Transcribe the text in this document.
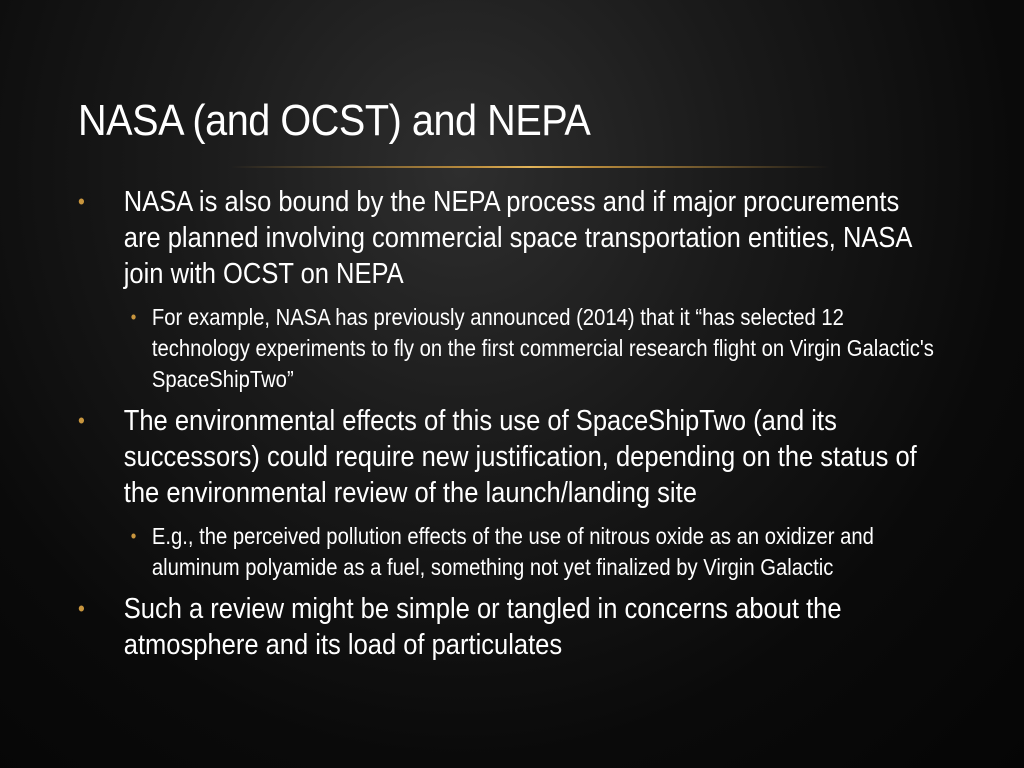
NASA (and OCST) and NEPA
• NASA is also bound by the NEPA process and if major procurements are planned involving commercial space transportation entities, NASA join with OCST on NEPA
• For example, NASA has previously announced (2014) that it “has selected 12 technology experiments to fly on the first commercial research flight on Virgin Galactic's SpaceShipTwo”
• The environmental effects of this use of SpaceShipTwo (and its successors) could require new justification, depending on the status of the environmental review of the launch/landing site
• E.g., the perceived pollution effects of the use of nitrous oxide as an oxidizer and aluminum polyamide as a fuel, something not yet finalized by Virgin Galactic
• Such a review might be simple or tangled in concerns about the atmosphere and its load of particulates
